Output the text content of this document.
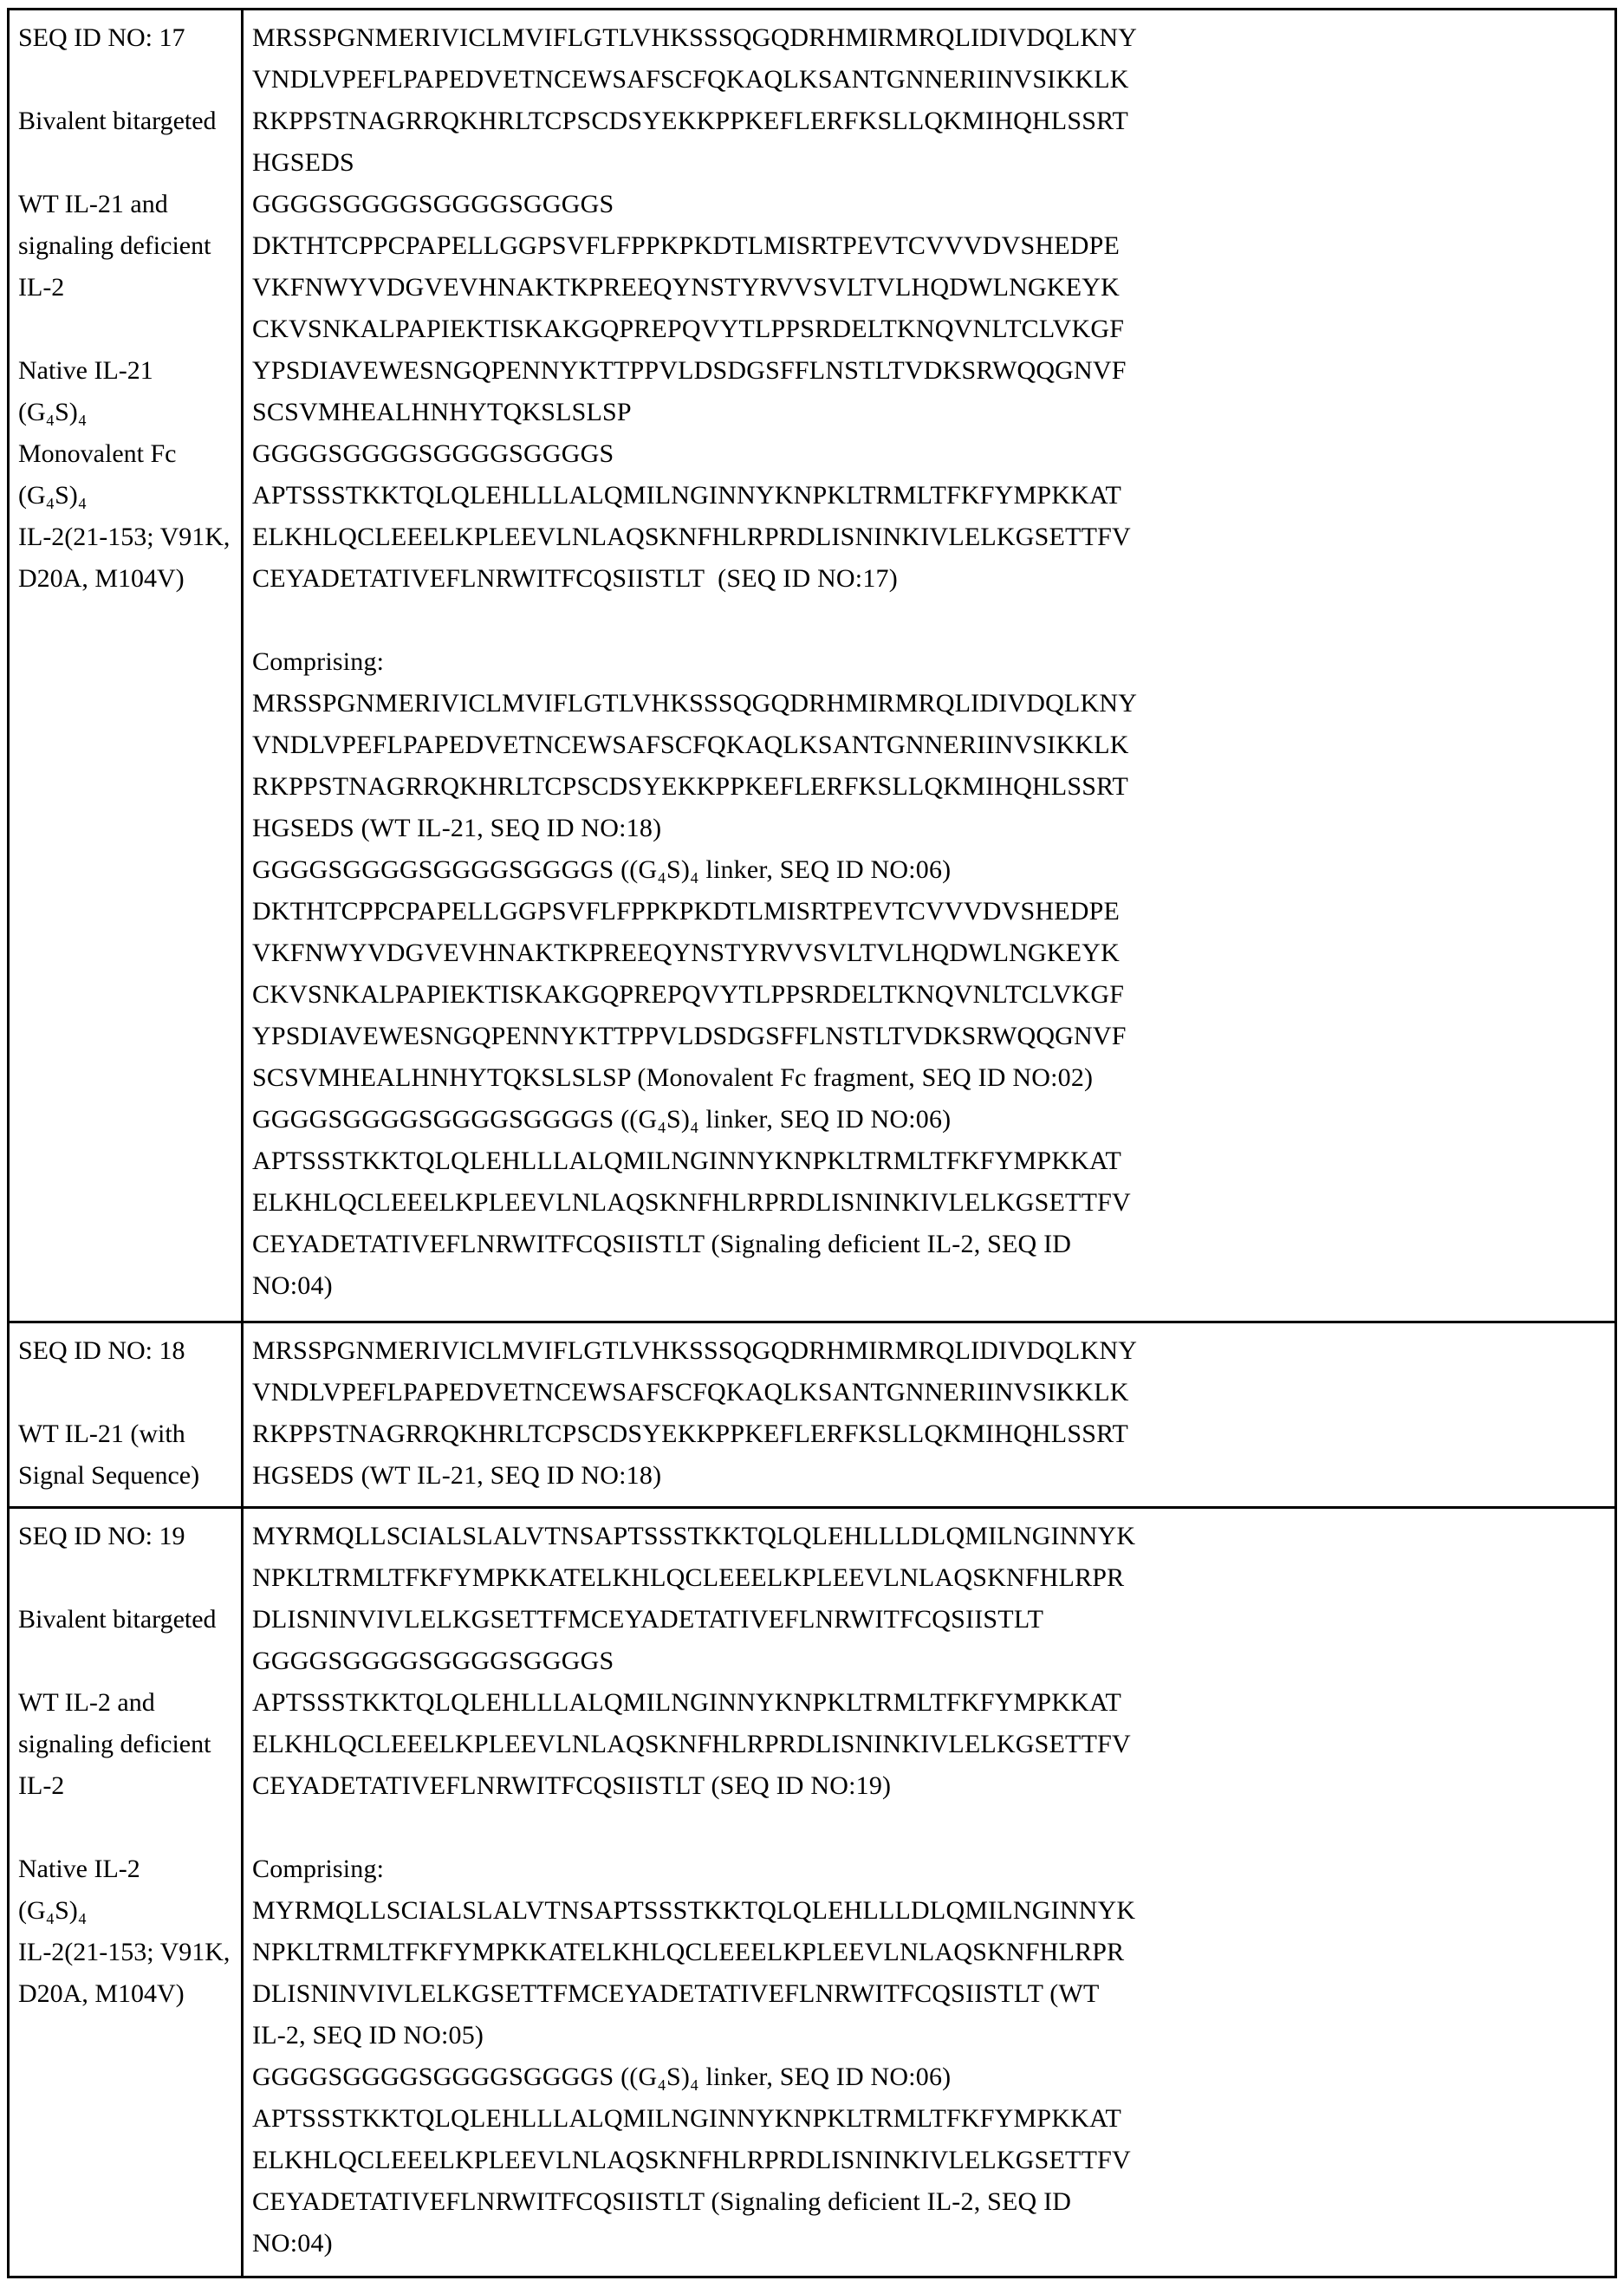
SEQ ID NO: 17

Bivalent bitargeted

WT IL-21 and
signaling deficient
IL-2

Native IL-21
(G₄S)₄
Monovalent Fc
(G₄S)₄
IL-2(21-153; V91K,
D20A, M104V)	MRSSPGNMERIVICLMVIFLGTLVHKSSSQGQDRHMIRMRQLIDIVDQLKNY
VNDLVPEFLPAPEDVETNCEWSAFSCFQKAQLKSANTGNNERIINVSIKKLK
RKPPSTNAGRRQKHRLTCPSCDSYEKKPPKEFLERFKSLLQKMIHQHLSSRT
HGSEDS
GGGGSGGGGSGGGGSGGGGS
DKTHTCPPCPAPELLGGPSVFLFPPKPKDTLMISRTPEVTCVVVDVSHEDPE
VKFNWYVDGVEVHNAKTKPREEQYNSTYRVVSVLTVLHQDWLNGKEYK
CKVSNKALPAPIEKTISKAKGQPREPQVYTLPPSRDELTKNQVNLTCLVKGF
YPSDIAVEWESNGQPENNYKTTPPVLDSDGSFFLNSTLTVDKSRWQQGNVF
SCSVMHEALHNHYTQKSLSLSP
GGGGSGGGGSGGGGSGGGGS
APTSSSTKKTQLQLEHLLLALQMILNGINNYKNPKLTRMLTFKFYMPKKAT
ELKHLQCLEEELKPLEEVLNLAQSKNFHLRPRDLISNINKIVLELKGSETTFV
CEYADETATIVEFLNRWITFCQSIISTLT  (SEQ ID NO:17)

Comprising:
MRSSPGNMERIVICLMVIFLGTLVHKSSSQGQDRHMIRMRQLIDIVDQLKNY
VNDLVPEFLPAPEDVETNCEWSAFSCFQKAQLKSANTGNNERIINVSIKKLK
RKPPSTNAGRRQKHRLTCPSCDSYEKKPPKEFLERFKSLLQKMIHQHLSSRT
HGSEDS (WT IL-21, SEQ ID NO:18)
GGGGSGGGGSGGGGSGGGGS ((G₄S)₄ linker, SEQ ID NO:06)
DKTHTCPPCPAPELLGGPSVFLFPPKPKDTLMISRTPEVTCVVVDVSHEDPE
VKFNWYVDGVEVHNAKTKPREEQYNSTYRVVSVLTVLHQDWLNGKEYK
CKVSNKALPAPIEKTISKAKGQPREPQVYTLPPSRDELTKNQVNLTCLVKGF
YPSDIAVEWESNGQPENNYKTTPPVLDSDGSFFLNSTLTVDKSRWQQGNVF
SCSVMHEALHNHYTQKSLSLSP (Monovalent Fc fragment, SEQ ID NO:02)
GGGGSGGGGSGGGGSGGGGS ((G₄S)₄ linker, SEQ ID NO:06)
APTSSSTKKTQLQLEHLLLALQMILNGINNYKNPKLTRMLTFKFYMPKKAT
ELKHLQCLEEELKPLEEVLNLAQSKNFHLRPRDLISNINKIVLELKGSETTFV
CEYADETATIVEFLNRWITFCQSIISTLT (Signaling deficient IL-2, SEQ ID
NO:04)
SEQ ID NO: 18

WT IL-21 (with
Signal Sequence)	MRSSPGNMERIVICLMVIFLGTLVHKSSSQGQDRHMIRMRQLIDIVDQLKNY
VNDLVPEFLPAPEDVETNCEWSAFSCFQKAQLKSANTGNNERIINVSIKKLK
RKPPSTNAGRRQKHRLTCPSCDSYEKKPPKEFLERFKSLLQKMIHQHLSSRT
HGSEDS (WT IL-21, SEQ ID NO:18)
SEQ ID NO: 19

Bivalent bitargeted

WT IL-2 and
signaling deficient
IL-2

Native IL-2
(G₄S)₄
IL-2(21-153; V91K,
D20A, M104V)	MYRMQLLSCIALSLALVTNSAPTSSSTKKTQLQLEHLLLDLQMILNGINNYK
NPKLTRMLTFKFYMPKKATELKHLQCLEEELKPLEEVLNLAQSKNFHLRPR
DLISNINVIVLELKGSETTFMCEYADETATIVEFLNRWITFCQSIISTLT
GGGGSGGGGSGGGGSGGGGS
APTSSSTKKTQLQLEHLLLALQMILNGINNYKNPKLTRMLTFKFYMPKKAT
ELKHLQCLEEELKPLEEVLNLAQSKNFHLRPRDLISNINKIVLELKGSETTFV
CEYADETATIVEFLNRWITFCQSIISTLT (SEQ ID NO:19)

Comprising:
MYRMQLLSCIALSLALVTNSAPTSSSTKKTQLQLEHLLLDLQMILNGINNYK
NPKLTRMLTFKFYMPKKATELKHLQCLEEELKPLEEVLNLAQSKNFHLRPR
DLISNINVIVLELKGSETTFMCEYADETATIVEFLNRWITFCQSIISTLT (WT
IL-2, SEQ ID NO:05)
GGGGSGGGGSGGGGSGGGGS ((G₄S)₄ linker, SEQ ID NO:06)
APTSSSTKKTQLQLEHLLLALQMILNGINNYKNPKLTRMLTFKFYMPKKAT
ELKHLQCLEEELKPLEEVLNLAQSKNFHLRPRDLISNINKIVLELKGSETTFV
CEYADETATIVEFLNRWITFCQSIISTLT (Signaling deficient IL-2, SEQ ID
NO:04)
